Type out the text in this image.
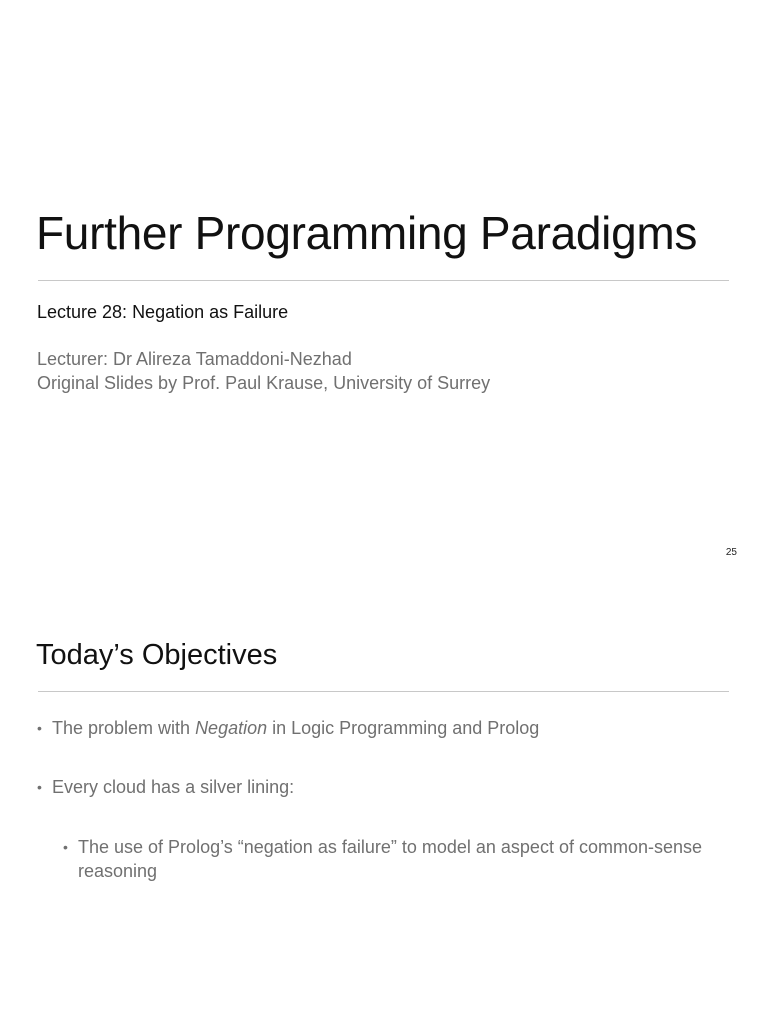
Further Programming Paradigms
Lecture 28: Negation as Failure
Lecturer: Dr Alireza Tamaddoni-Nezhad
Original Slides by Prof. Paul Krause, University of Surrey
25
Today’s Objectives
• The problem with Negation in Logic Programming and Prolog
• Every cloud has a silver lining:
• The use of Prolog’s “negation as failure” to model an aspect of common-sense reasoning
